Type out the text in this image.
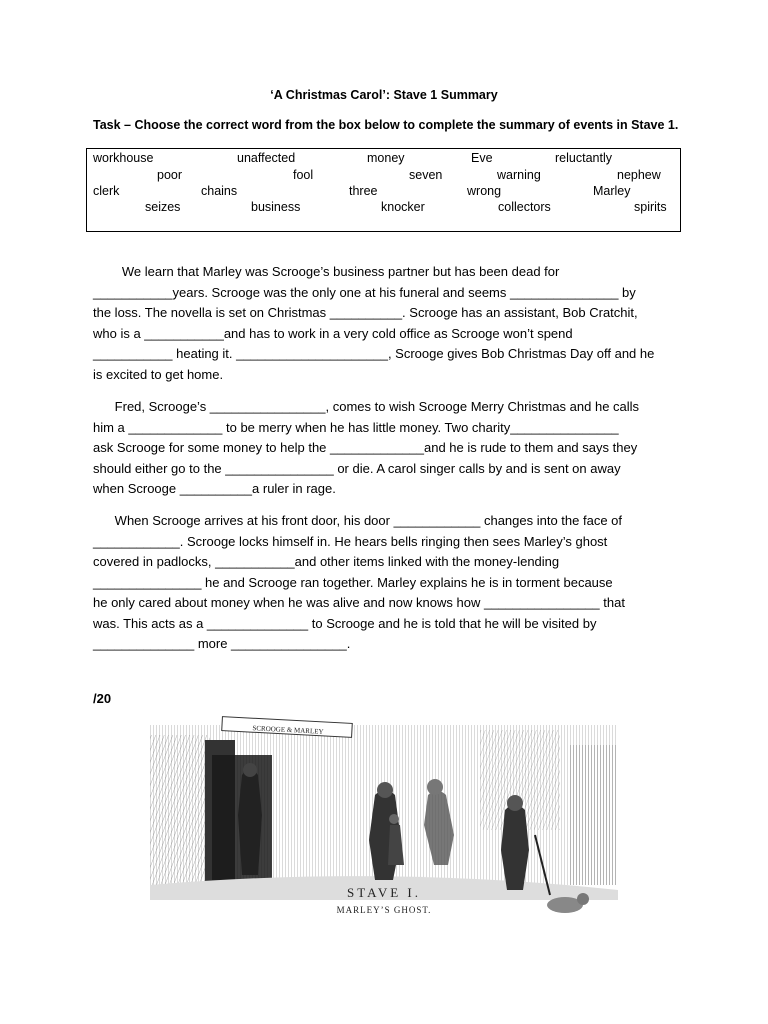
‘A Christmas Carol’: Stave 1 Summary
Task – Choose the correct word from the box below to complete the summary of events in Stave 1.
workhouse	unaffected	money	Eve	reluctantly
poor	fool	seven	warning	nephew
clerk	chains	three	wrong	Marley
seizes	business	knocker	collectors	spirits
We learn that Marley was Scrooge’s business partner but has been dead for
___________years. Scrooge was the only one at his funeral and seems _______________ by
the loss. The novella is set on Christmas __________. Scrooge has an assistant, Bob Cratchit,
who is a ___________and has to work in a very cold office as Scrooge won’t spend
___________ heating it. _____________________, Scrooge gives Bob Christmas Day off and he
is excited to get home.
Fred, Scrooge’s ________________, comes to wish Scrooge Merry Christmas and he calls
him a _____________ to be merry when he has little money. Two charity_______________
ask Scrooge for some money to help the _____________and he is rude to them and says they
should either go to the _______________ or die. A carol singer calls by and is sent on away
when Scrooge __________a ruler in rage.
When Scrooge arrives at his front door, his door ____________ changes into the face of
____________. Scrooge locks himself in. He hears bells ringing then sees Marley’s ghost
covered in padlocks, ___________and other items linked with the money-lending
_______________ he and Scrooge ran together. Marley explains he is in torment because
he only cared about money when he was alive and now knows how ________________ that
was. This acts as a ______________ to Scrooge and he is told that he will be visited by
______________ more ________________.
/20
SCROOGE & MARLEY
STAVE I.
MARLEY’S GHOST.
